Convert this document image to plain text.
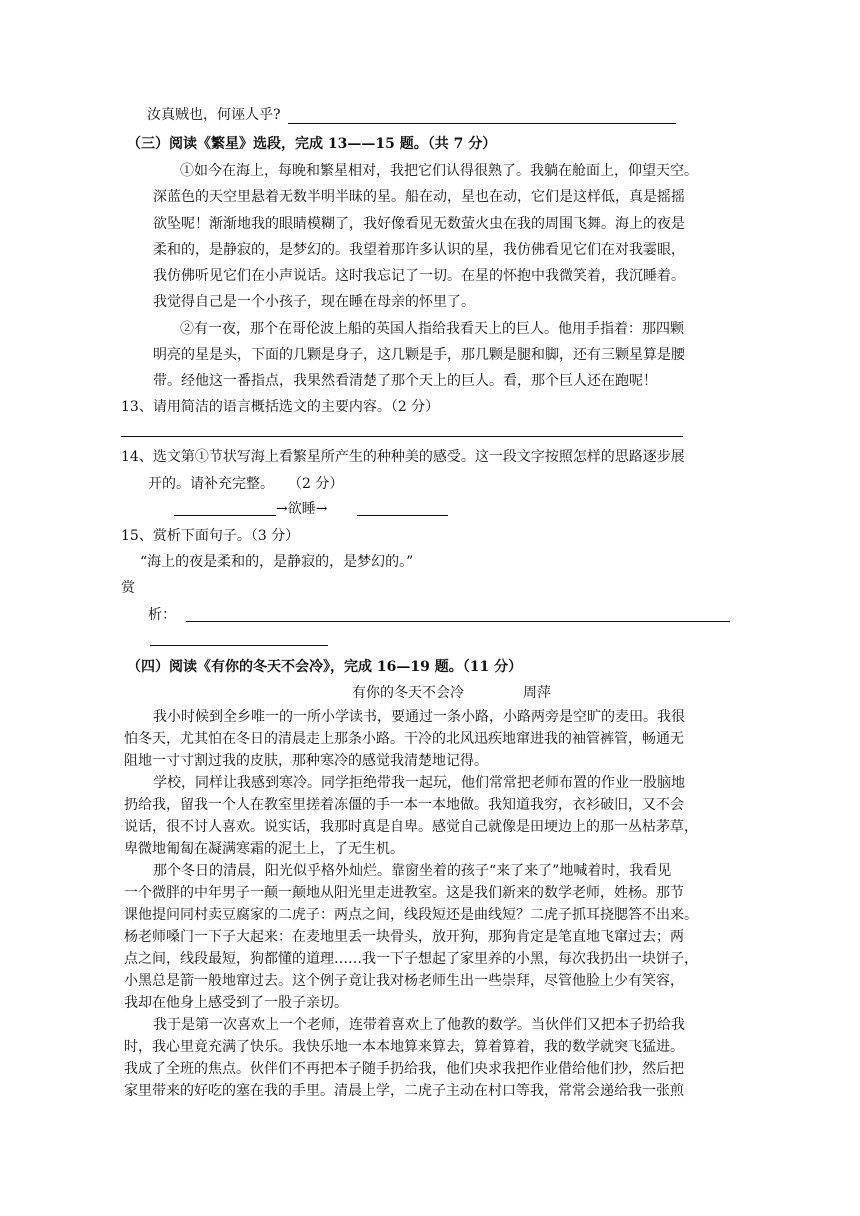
汝真贼也，何诬人乎?
（三）阅读《繁星》选段，完成 13——15 题。（共 7 分）
①如今在海上，每晚和繁星相对，我把它们认得很熟了。我躺在舱面上，仰望天空。
深蓝色的天空里悬着无数半明半昧的星。船在动，星也在动，它们是这样低，真是摇摇
欲坠呢！渐渐地我的眼睛模糊了，我好像看见无数萤火虫在我的周围飞舞。海上的夜是
柔和的，是静寂的，是梦幻的。我望着那许多认识的星，我仿佛看见它们在对我霎眼，
我仿佛听见它们在小声说话。这时我忘记了一切。在星的怀抱中我微笑着，我沉睡着。
我觉得自己是一个小孩子，现在睡在母亲的怀里了。
②有一夜，那个在哥伦波上船的英国人指给我看天上的巨人。他用手指着：那四颗
明亮的星是头，下面的几颗是身子，这几颗是手，那几颗是腿和脚，还有三颗星算是腰
带。经他这一番指点，我果然看清楚了那个天上的巨人。看，那个巨人还在跑呢！
13、请用简洁的语言概括选文的主要内容。（2 分）
14、选文第①节状写海上看繁星所产生的种种美的感受。这一段文字按照怎样的思路逐步展
开的。请补充完整。　　（2 分）
→欲睡→
15、赏析下面句子。（3 分）
“海上的夜是柔和的，是静寂的，是梦幻的。”
赏
析：
（四）阅读《有你的冬天不会冷》，完成 16—19 题。（11 分）
有你的冬天不会冷	周萍
我小时候到全乡唯一的一所小学读书，要通过一条小路，小路两旁是空旷的麦田。我很
怕冬天，尤其怕在冬日的清晨走上那条小路。干冷的北风迅疾地窜进我的袖管裤管，畅通无
阻地一寸寸割过我的皮肤，那种寒冷的感觉我清楚地记得。
学校，同样让我感到寒冷。同学拒绝带我一起玩，他们常常把老师布置的作业一股脑地
扔给我，留我一个人在教室里搓着冻僵的手一本一本地做。我知道我穷，衣衫破旧，又不会
说话，很不讨人喜欢。说实话，我那时真是自卑。感觉自己就像是田埂边上的那一丛枯茅草，
卑微地匍匐在凝满寒霜的泥土上，了无生机。
那个冬日的清晨，阳光似乎格外灿烂。靠窗坐着的孩子“来了来了”地喊着时，我看见
一个微胖的中年男子一颠一颠地从阳光里走进教室。这是我们新来的数学老师，姓杨。那节
课他提问同村卖豆腐家的二虎子：两点之间，线段短还是曲线短？二虎子抓耳挠腮答不出来。
杨老师嗓门一下子大起来：在麦地里丢一块骨头，放开狗，那狗肯定是笔直地飞窜过去；两
点之间，线段最短，狗都懂的道理……我一下子想起了家里养的小黑，每次我扔出一块饼子，
小黑总是箭一般地窜过去。这个例子竟让我对杨老师生出一些崇拜，尽管他脸上少有笑容，
我却在他身上感受到了一股子亲切。
我于是第一次喜欢上一个老师，连带着喜欢上了他教的数学。当伙伴们又把本子扔给我
时，我心里竟充满了快乐。我快乐地一本本地算来算去，算着算着，我的数学就突飞猛进。
我成了全班的焦点。伙伴们不再把本子随手扔给我，他们央求我把作业借给他们抄，然后把
家里带来的好吃的塞在我的手里。清晨上学，二虎子主动在村口等我，常常会递给我一张煎
